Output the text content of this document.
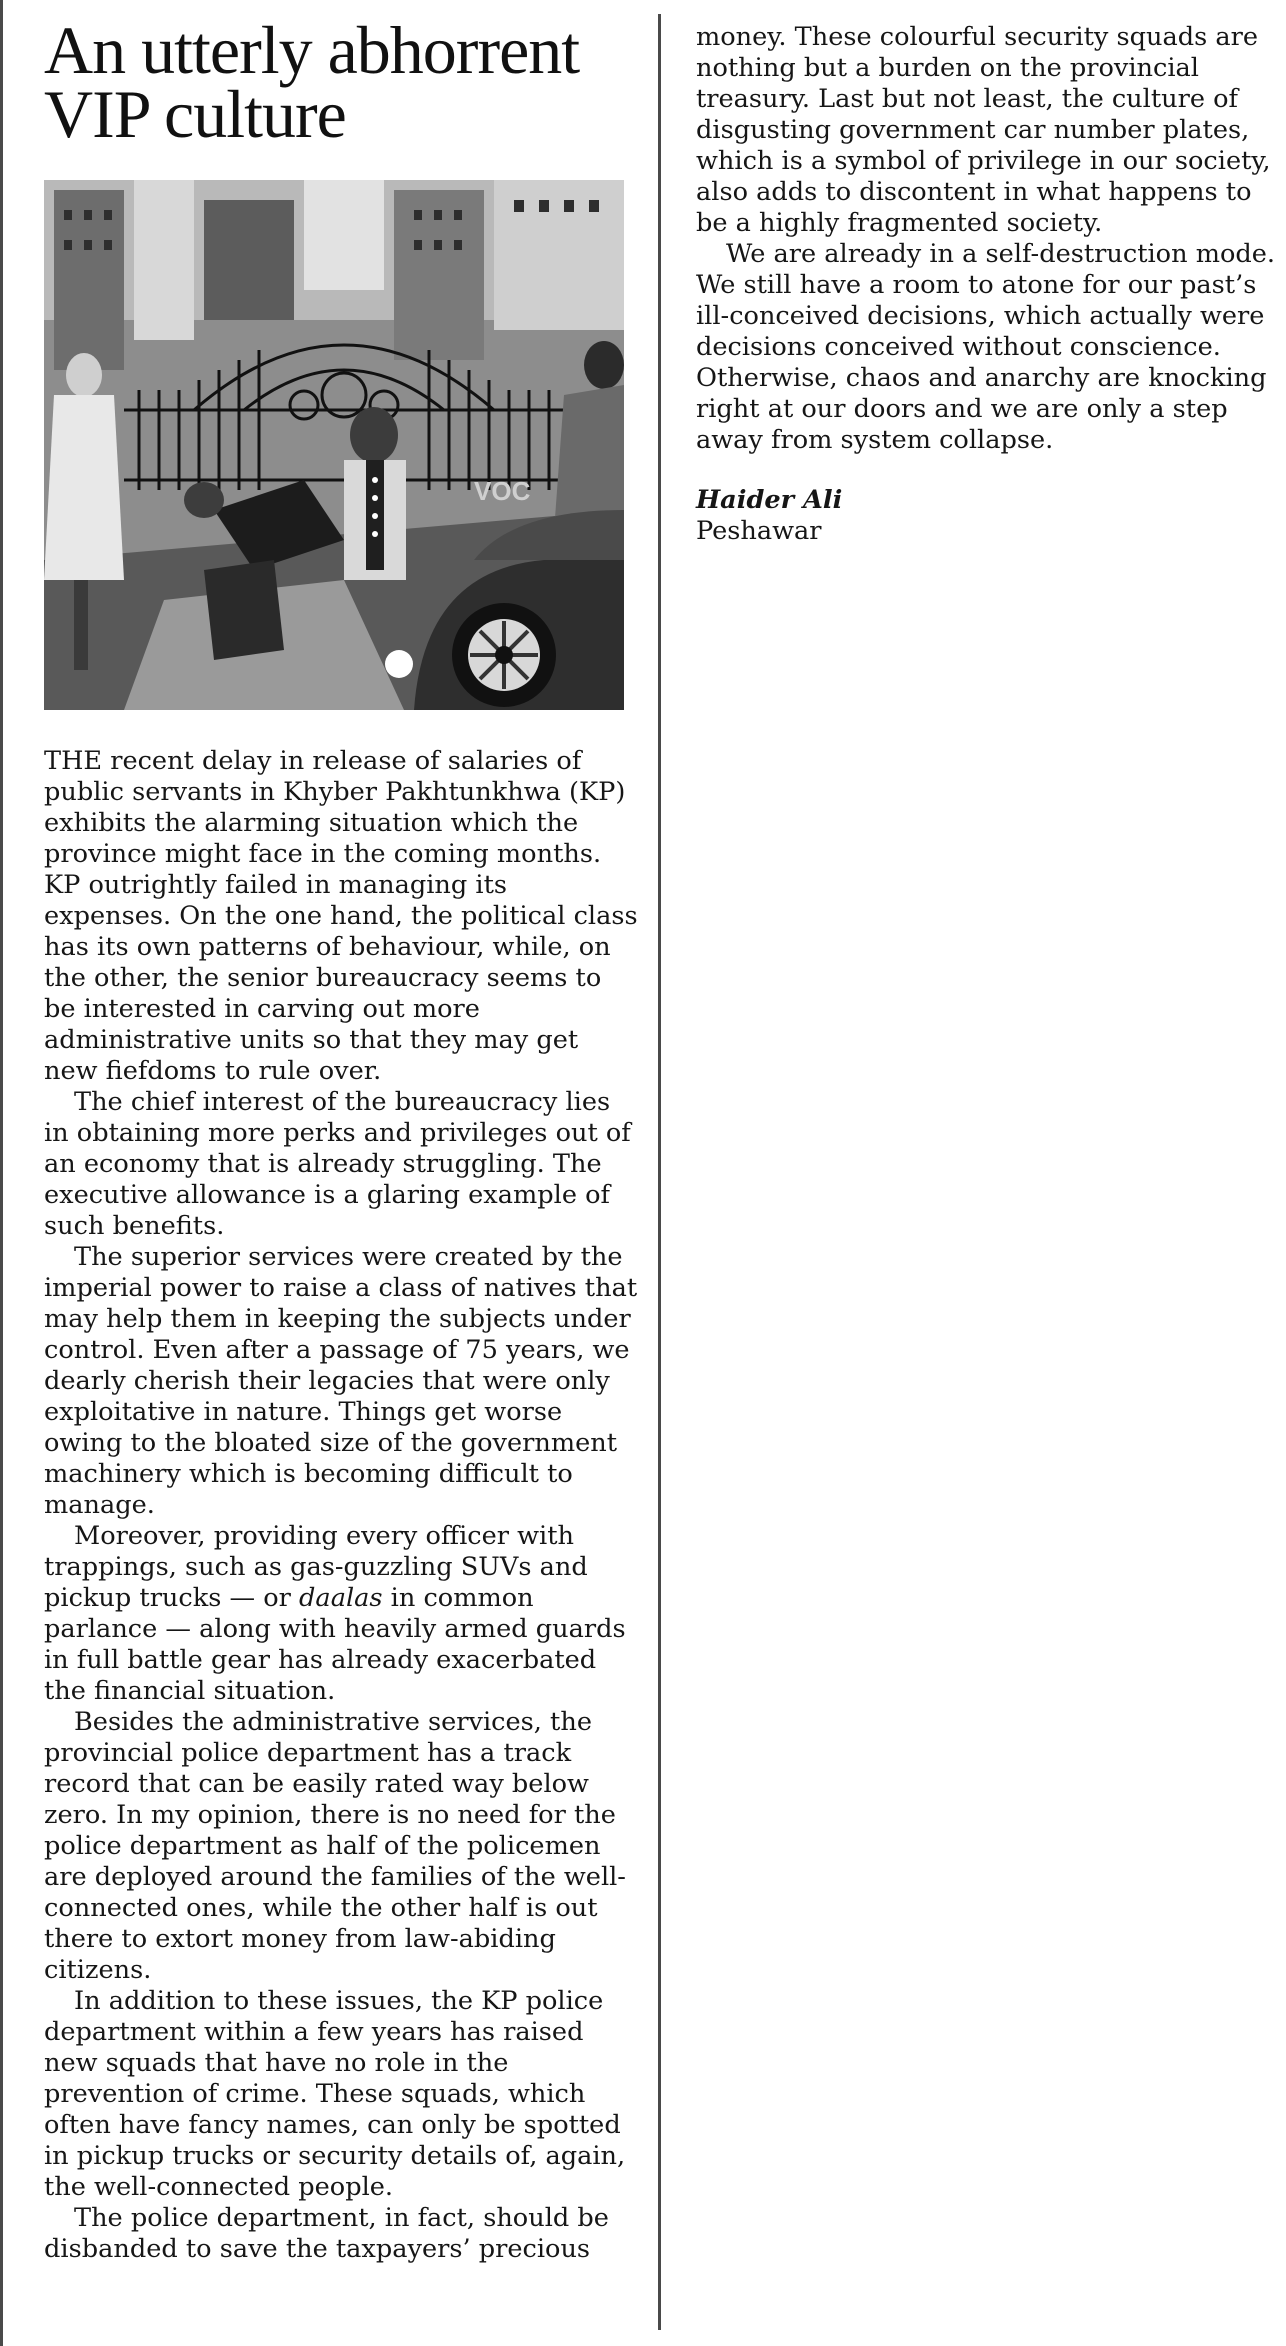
An utterly abhorrent VIP culture
VOC

THE recent delay in release of salaries of public servants in Khyber Pakhtunkhwa (KP) exhibits the alarming situation which the province might face in the coming months. KP outrightly failed in managing its expenses. On the one hand, the political class has its own patterns of behaviour, while, on the other, the senior bureaucracy seems to be interested in carving out more administrative units so that they may get new fiefdoms to rule over.

The chief interest of the bureaucracy lies in obtaining more perks and privileges out of an economy that is already struggling. The executive allowance is a glaring example of such benefits.

The superior services were created by the imperial power to raise a class of natives that may help them in keeping the subjects under control. Even after a passage of 75 years, we dearly cherish their legacies that were only exploitative in nature. Things get worse owing to the bloated size of the government machinery which is becoming difficult to manage.

Moreover, providing every officer with trappings, such as gas-guzzling SUVs and pickup trucks — or daalas in common parlance — along with heavily armed guards in full battle gear has already exacerbated the financial situation.

Besides the administrative services, the provincial police department has a track record that can be easily rated way below zero. In my opinion, there is no need for the police department as half of the policemen are deployed around the families of the well-connected ones, while the other half is out there to extort money from law-abiding citizens.

In addition to these issues, the KP police department within a few years has raised new squads that have no role in the prevention of crime. These squads, which often have fancy names, can only be spotted in pickup trucks or security details of, again, the well-connected people.

The police department, in fact, should be disbanded to save the taxpayers’ precious

money. These colourful security squads are nothing but a burden on the provincial treasury. Last but not least, the culture of disgusting government car number plates, which is a symbol of privilege in our society, also adds to discontent in what happens to be a highly fragmented society.

We are already in a self-destruction mode. We still have a room to atone for our past’s ill-conceived decisions, which actually were decisions conceived without conscience. Otherwise, chaos and anarchy are knocking right at our doors and we are only a step away from system collapse.

Haider Ali
Peshawar
